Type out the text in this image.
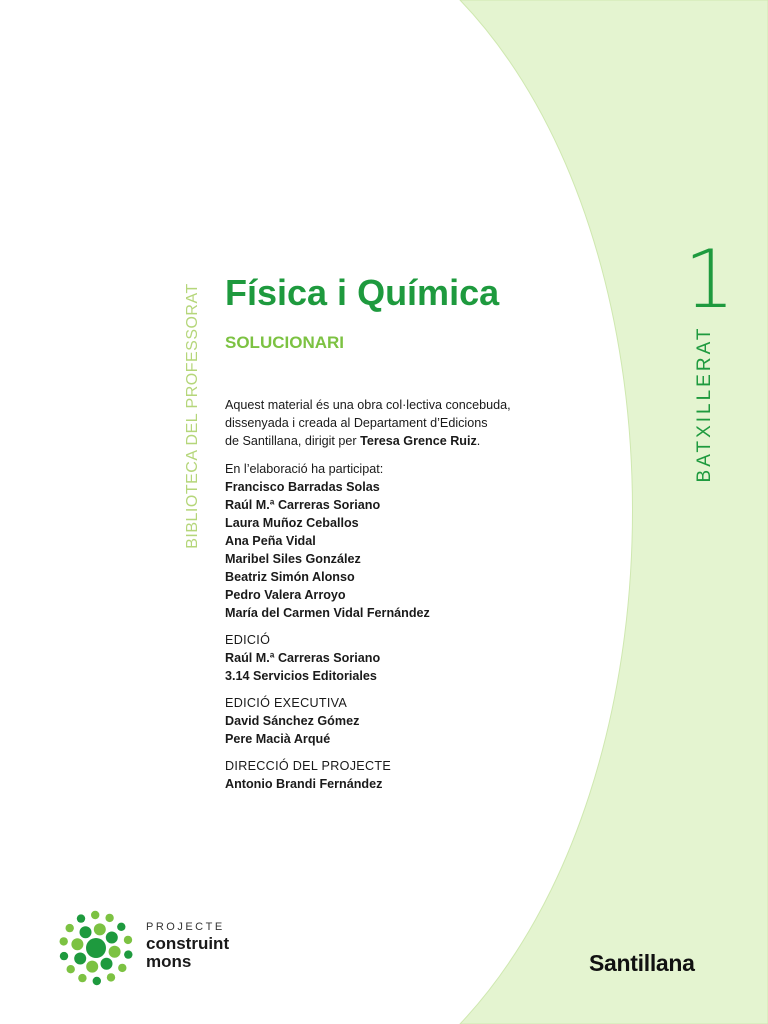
BIBLIOTECA DEL PROFESSORAT
1
BATXILLERAT
Física i Química
SOLUCIONARI

Aquest material és una obra col·lectiva concebuda,
dissenyada i creada al Departament d’Edicions
de Santillana, dirigit per Teresa Grence Ruiz.

En l’elaboració ha participat:
Francisco Barradas Solas
Raúl M.ª Carreras Soriano
Laura Muñoz Ceballos
Ana Peña Vidal
Maribel Siles González
Beatriz Simón Alonso
Pedro Valera Arroyo
María del Carmen Vidal Fernández
EDICIÓ
Raúl M.ª Carreras Soriano
3.14 Servicios Editoriales
EDICIÓ EXECUTIVA
David Sánchez Gómez
Pere Macià Arqué
DIRECCIÓ DEL PROJECTE
Antonio Brandi Fernández
PROJECTE
construint
mons	Santillana
